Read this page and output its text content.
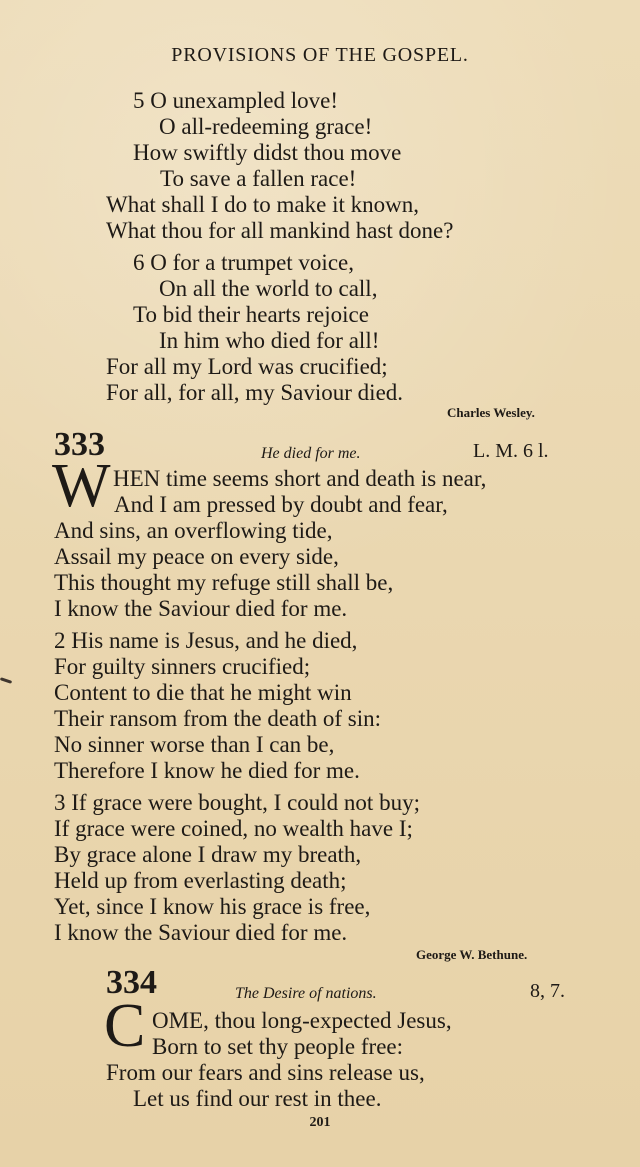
PROVISIONS OF THE GOSPEL.
5 O unexampled love!
O all-redeeming grace!
How swiftly didst thou move
To save a fallen race!
What shall I do to make it known,
What thou for all mankind hast done?
6 O for a trumpet voice,
On all the world to call,
To bid their hearts rejoice
In him who died for all!
For all my Lord was crucified;
For all, for all, my Saviour died.
Charles Wesley.
333	He died for me.	L. M. 6 l.
W HEN time seems short and death is near,
And I am pressed by doubt and fear,
And sins, an overflowing tide,
Assail my peace on every side,
This thought my refuge still shall be,
I know the Saviour died for me.
2 His name is Jesus, and he died,
For guilty sinners crucified;
Content to die that he might win
Their ransom from the death of sin:
No sinner worse than I can be,
Therefore I know he died for me.
3 If grace were bought, I could not buy;
If grace were coined, no wealth have I;
By grace alone I draw my breath,
Held up from everlasting death;
Yet, since I know his grace is free,
I know the Saviour died for me.
George W. Bethune.
334	The Desire of nations.	8, 7.
C OME, thou long-expected Jesus,
Born to set thy people free:
From our fears and sins release us,
Let us find our rest in thee.
201
